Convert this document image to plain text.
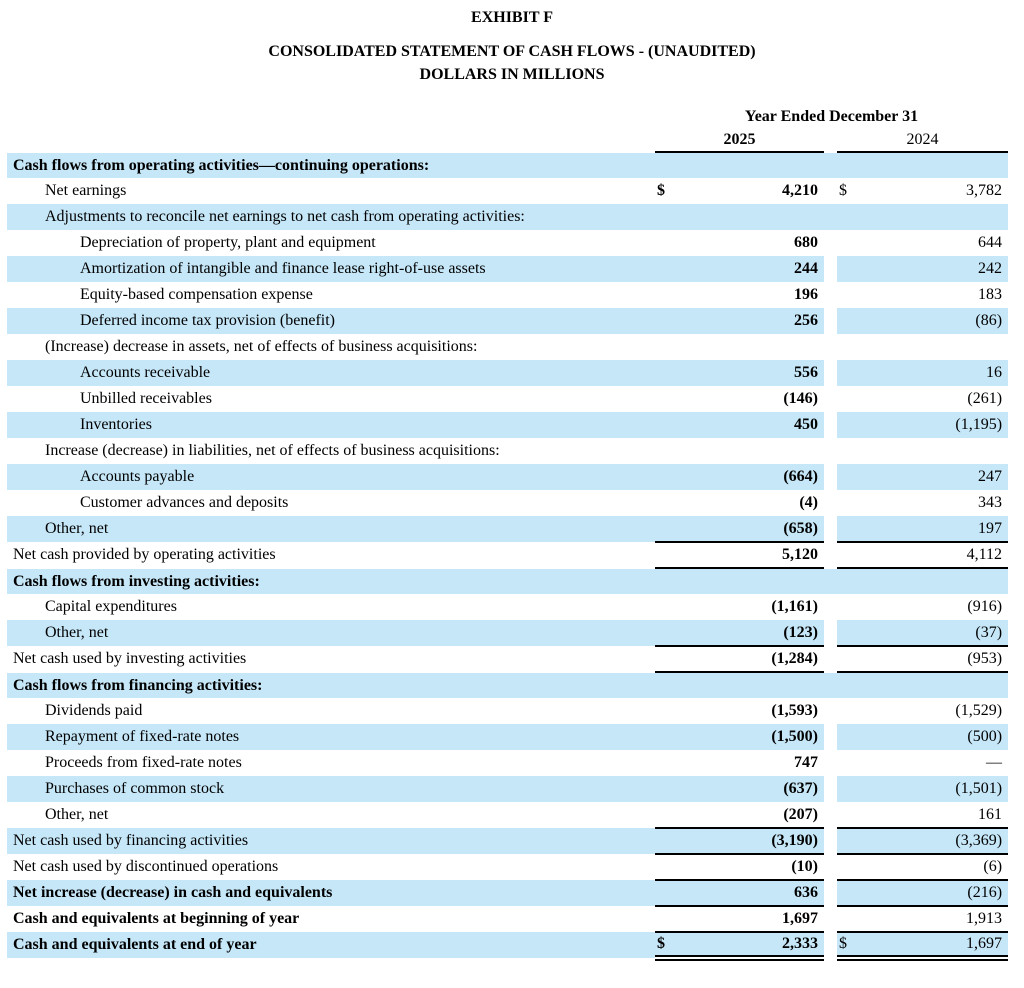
EXHIBIT F
CONSOLIDATED STATEMENT OF CASH FLOWS - (UNAUDITED)
DOLLARS IN MILLIONS
	Year Ended December 31		
	2025		2024
Cash flows from operating activities—continuing operations:			
Net earnings	$ 4,210		$ 3,782
Adjustments to reconcile net earnings to net cash from operating activities:			
Depreciation of property, plant and equipment	680		644
Amortization of intangible and finance lease right-of-use assets	244		242
Equity-based compensation expense	196		183
Deferred income tax provision (benefit)	256		(86)
(Increase) decrease in assets, net of effects of business acquisitions:			
Accounts receivable	556		16
Unbilled receivables	(146)		(261)
Inventories	450		(1,195)
Increase (decrease) in liabilities, net of effects of business acquisitions:			
Accounts payable	(664)		247
Customer advances and deposits	(4)		343
Other, net	(658)		197
Net cash provided by operating activities	5,120		4,112
Cash flows from investing activities:			
Capital expenditures	(1,161)		(916)
Other, net	(123)		(37)
Net cash used by investing activities	(1,284)		(953)
Cash flows from financing activities:			
Dividends paid	(1,593)		(1,529)
Repayment of fixed-rate notes	(1,500)		(500)
Proceeds from fixed-rate notes	747		—
Purchases of common stock	(637)		(1,501)
Other, net	(207)		161
Net cash used by financing activities	(3,190)		(3,369)
Net cash used by discontinued operations	(10)		(6)
Net increase (decrease) in cash and equivalents	636		(216)
Cash and equivalents at beginning of year	1,697		1,913
Cash and equivalents at end of year	$ 2,333		$ 1,697
